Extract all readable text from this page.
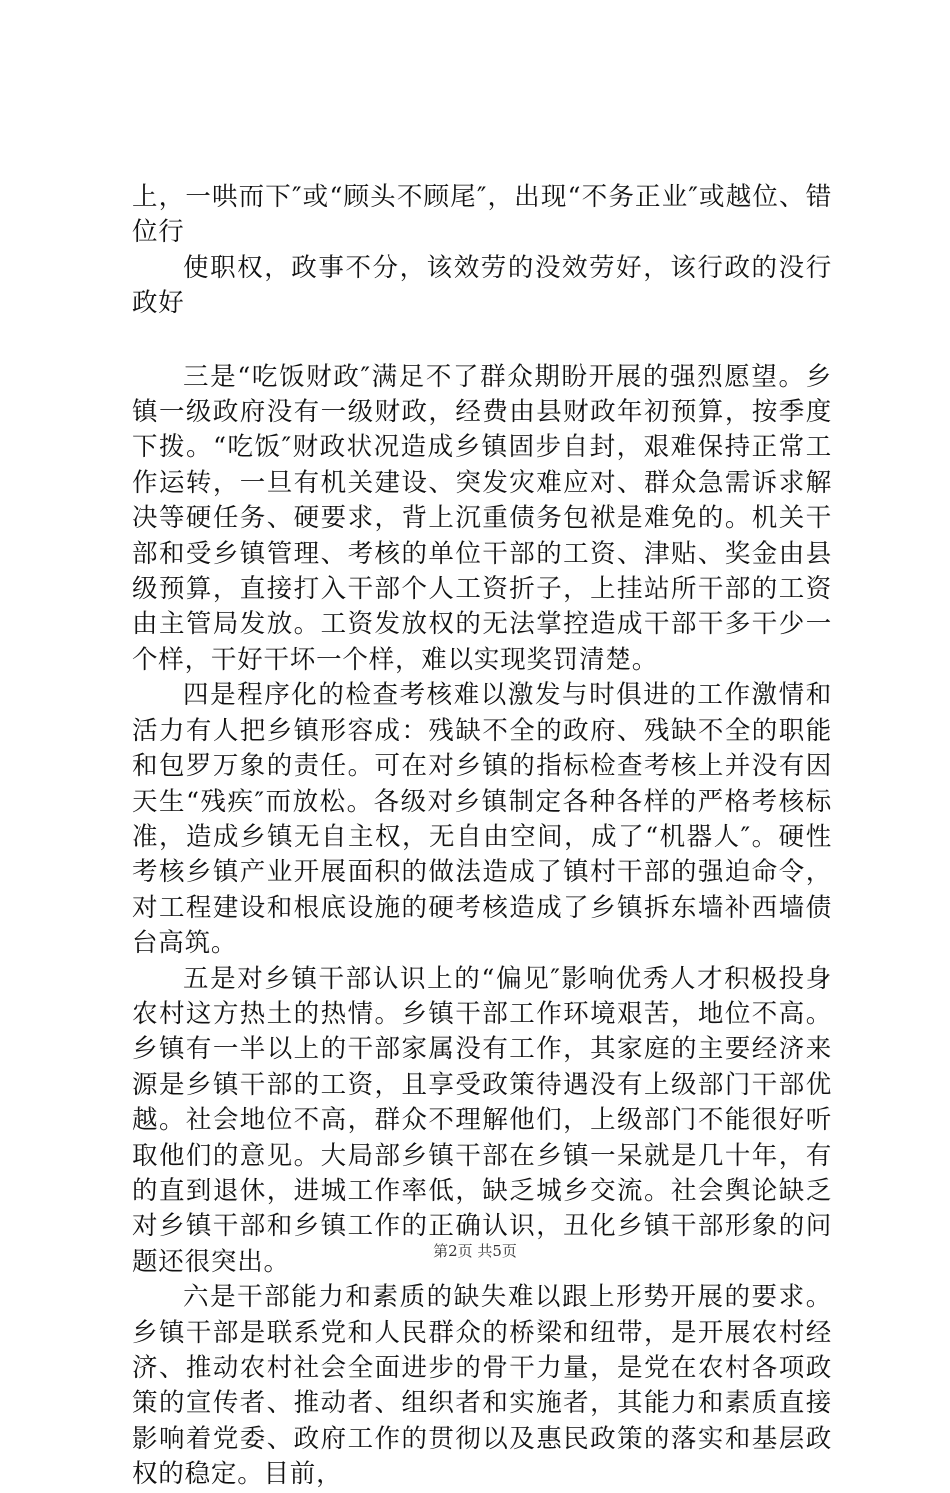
上，一哄而下″或“顾头不顾尾″，出现“不务正业″或越位、错位行

使职权，政事不分，该效劳的没效劳好，该行政的没行政好

三是“吃饭财政″满足不了群众期盼开展的强烈愿望。乡镇一级政府没有一级财政，经费由县财政年初预算，按季度下拨。“吃饭″财政状况造成乡镇固步自封，艰难保持正常工作运转，一旦有机关建设、突发灾难应对、群众急需诉求解决等硬任务、硬要求，背上沉重债务包袱是难免的。机关干部和受乡镇管理、考核的单位干部的工资、津贴、奖金由县级预算，直接打入干部个人工资折子，上挂站所干部的工资由主管局发放。工资发放权的无法掌控造成干部干多干少一个样，干好干坏一个样，难以实现奖罚清楚。

四是程序化的检查考核难以激发与时俱进的工作激情和活力有人把乡镇形容成：残缺不全的政府、残缺不全的职能和包罗万象的责任。可在对乡镇的指标检查考核上并没有因天生“残疾″而放松。各级对乡镇制定各种各样的严格考核标准，造成乡镇无自主权，无自由空间，成了“机器人″。硬性考核乡镇产业开展面积的做法造成了镇村干部的强迫命令，对工程建设和根底设施的硬考核造成了乡镇拆东墙补西墙债台高筑。

五是对乡镇干部认识上的“偏见″影响优秀人才积极投身农村这方热土的热情。乡镇干部工作环境艰苦，地位不高。乡镇有一半以上的干部家属没有工作，其家庭的主要经济来源是乡镇干部的工资，且享受政策待遇没有上级部门干部优越。社会地位不高，群众不理解他们，上级部门不能很好听取他们的意见。大局部乡镇干部在乡镇一呆就是几十年，有的直到退休，进城工作率低，缺乏城乡交流。社会舆论缺乏对乡镇干部和乡镇工作的正确认识，丑化乡镇干部形象的问题还很突出。

六是干部能力和素质的缺失难以跟上形势开展的要求。乡镇干部是联系党和人民群众的桥梁和纽带，是开展农村经济、推动农村社会全面进步的骨干力量，是党在农村各项政策的宣传者、推动者、组织者和实施者，其能力和素质直接影响着党委、政府工作的贯彻以及惠民政策的落实和基层政权的稳定。目前，

第2页 共5页
